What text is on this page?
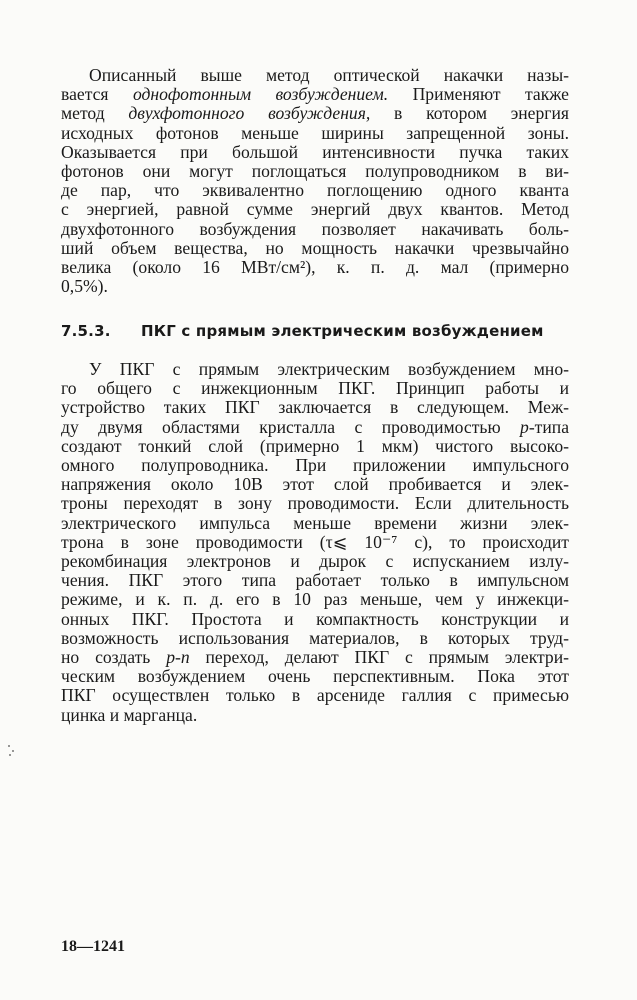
Описанный выше метод оптической накачки назы-
вается однофотонным возбуждением. Применяют также
метод двухфотонного возбуждения, в котором энергия
исходных фотонов меньше ширины запрещенной зоны.
Оказывается при большой интенсивности пучка таких
фотонов они могут поглощаться полупроводником в ви-
де пар, что эквивалентно поглощению одного кванта
с энергией, равной сумме энергий двух квантов. Метод
двухфотонного возбуждения позволяет накачивать боль-
ший объем вещества, но мощность накачки чрезвычайно
велика (около 16 МВт/см²), к. п. д. мал (примерно
0,5%).
7.5.3. ПКГ с прямым электрическим возбуждением
У ПКГ с прямым электрическим возбуждением мно-
го общего с инжекционным ПКГ. Принцип работы и
устройство таких ПКГ заключается в следующем. Меж-
ду двумя областями кристалла с проводимостью р-типа
создают тонкий слой (примерно 1 мкм) чистого высоко-
омного полупроводника. При приложении импульсного
напряжения около 10В этот слой пробивается и элек-
троны переходят в зону проводимости. Если длительность
электрического импульса меньше времени жизни элек-
трона в зоне проводимости (τ⩽ 10⁻⁷ с), то происходит
рекомбинация электронов и дырок с испусканием излу-
чения. ПКГ этого типа работает только в импульсном
режиме, и к. п. д. его в 10 раз меньше, чем у инжекци-
онных ПКГ. Простота и компактность конструкции и
возможность использования материалов, в которых труд-
но создать р-п переход, делают ПКГ с прямым электри-
ческим возбуждением очень перспективным. Пока этот
ПКГ осуществлен только в арсениде галлия с примесью
цинка и марганца.
18—1241
